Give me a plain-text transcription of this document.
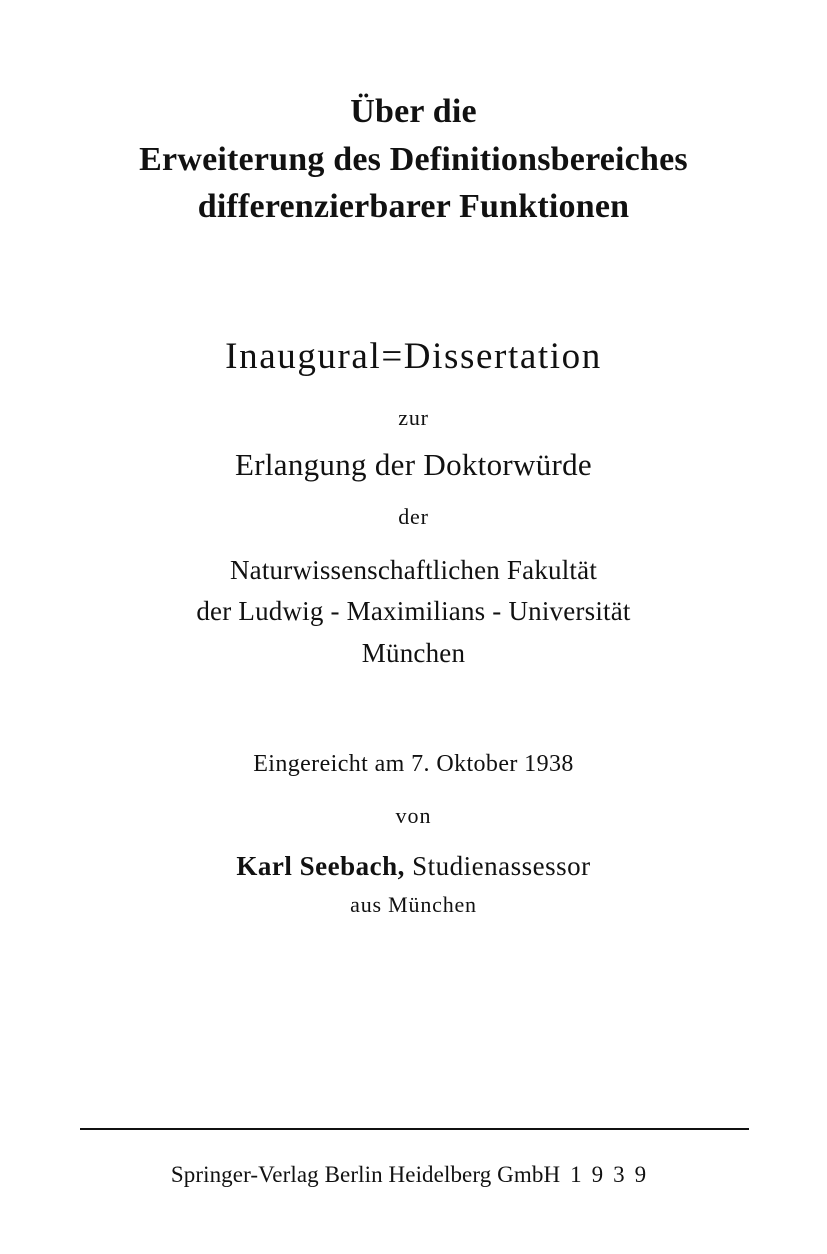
Über die
Erweiterung des Definitionsbereiches
differenzierbarer Funktionen
Inaugural=Dissertation
zur
Erlangung der Doktorwürde
der
Naturwissenschaftlichen Fakultät
der Ludwig - Maximilians - Universität
München
Eingereicht am 7. Oktober 1938
von
Karl Seebach, Studienassessor
aus München
Springer-Verlag Berlin Heidelberg GmbH 1939
